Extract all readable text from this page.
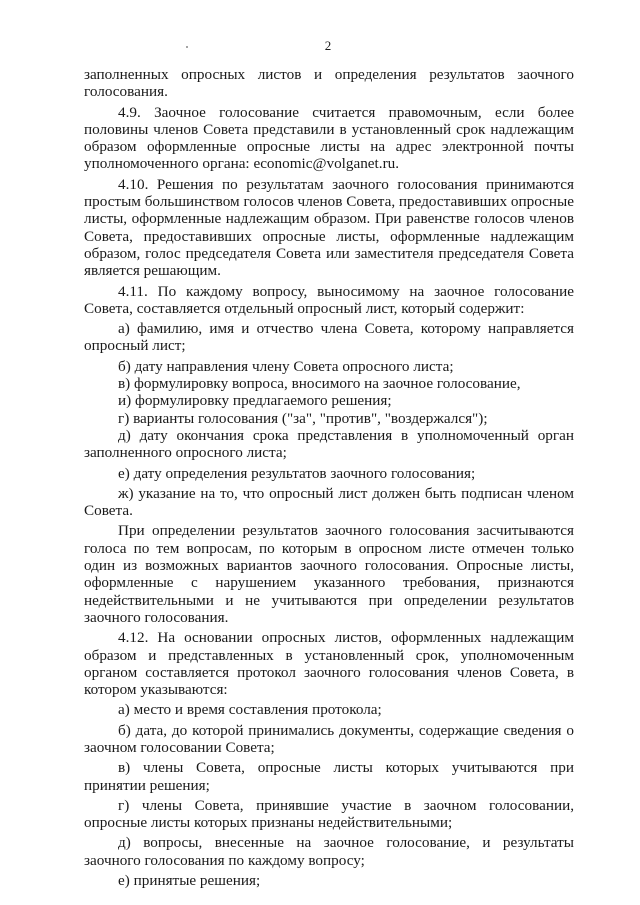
2

заполненных опросных листов и определения результатов заочного голосования.

4.9. Заочное голосование считается правомочным, если более половины членов Совета представили в установленный срок надлежащим образом оформленные опросные листы на адрес электронной почты уполномоченного органа: economic@volganet.ru.

4.10. Решения по результатам заочного голосования принимаются простым большинством голосов членов Совета, предоставивших опросные листы, оформленные надлежащим образом. При равенстве голосов членов Совета, предоставивших опросные листы, оформленные надлежащим образом, голос председателя Совета или заместителя председателя Совета является решающим.

4.11. По каждому вопросу, выносимому на заочное голосование Совета, составляется отдельный опросный лист, который содержит:

а) фамилию, имя и отчество члена Совета, которому направляется опросный лист;

б) дату направления члену Совета опросного листа;

в) формулировку вопроса, вносимого на заочное голосование,

и) формулировку предлагаемого решения;

г) варианты голосования ("за", "против", "воздержался");

д) дату окончания срока представления в уполномоченный орган заполненного опросного листа;

е) дату определения результатов заочного голосования;

ж) указание на то, что опросный лист должен быть подписан членом Совета.

При определении результатов заочного голосования засчитываются голоса по тем вопросам, по которым в опросном листе отмечен только один из возможных вариантов заочного голосования. Опросные листы, оформленные с нарушением указанного требования, признаются недействительными и не учитываются при определении результатов заочного голосования.

4.12. На основании опросных листов, оформленных надлежащим образом и представленных в установленный срок, уполномоченным органом составляется протокол заочного голосования членов Совета, в котором указываются:

а) место и время составления протокола;

б) дата, до которой принимались документы, содержащие сведения о заочном голосовании Совета;

в) члены Совета, опросные листы которых учитываются при принятии решения;

г) члены Совета, принявшие участие в заочном голосовании, опросные листы которых признаны недействительными;

д) вопросы, внесенные на заочное голосование, и результаты заочного голосования по каждому вопросу;

е) принятые решения;
